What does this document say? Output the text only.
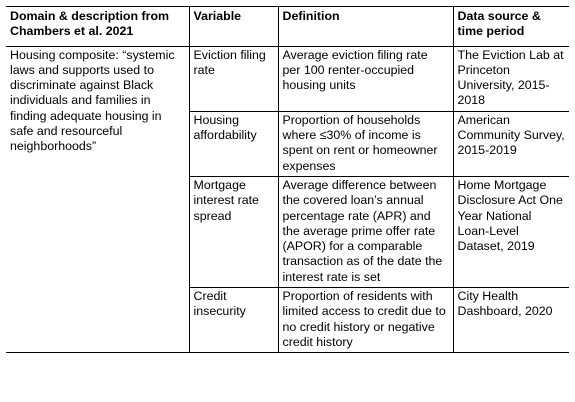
Domain & description from Chambers et al. 2021	Variable	Definition	Data source & time period
Housing composite: “systemic laws and supports used to discriminate against Black individuals and families in finding adequate housing in safe and resourceful neighborhoods”	Eviction filing rate	Average eviction filing rate per 100 renter-occupied housing units	The Eviction Lab at Princeton University, 2015-2018
	Housing affordability	Proportion of households where ≤30% of income is spent on rent or homeowner expenses	American Community Survey, 2015-2019
	Mortgage interest rate spread	Average difference between the covered loan’s annual percentage rate (APR) and the average prime offer rate (APOR) for a comparable transaction as of the date the interest rate is set	Home Mortgage Disclosure Act One Year National Loan-Level Dataset, 2019
	Credit insecurity	Proportion of residents with limited access to credit due to no credit history or negative credit history	City Health Dashboard, 2020
